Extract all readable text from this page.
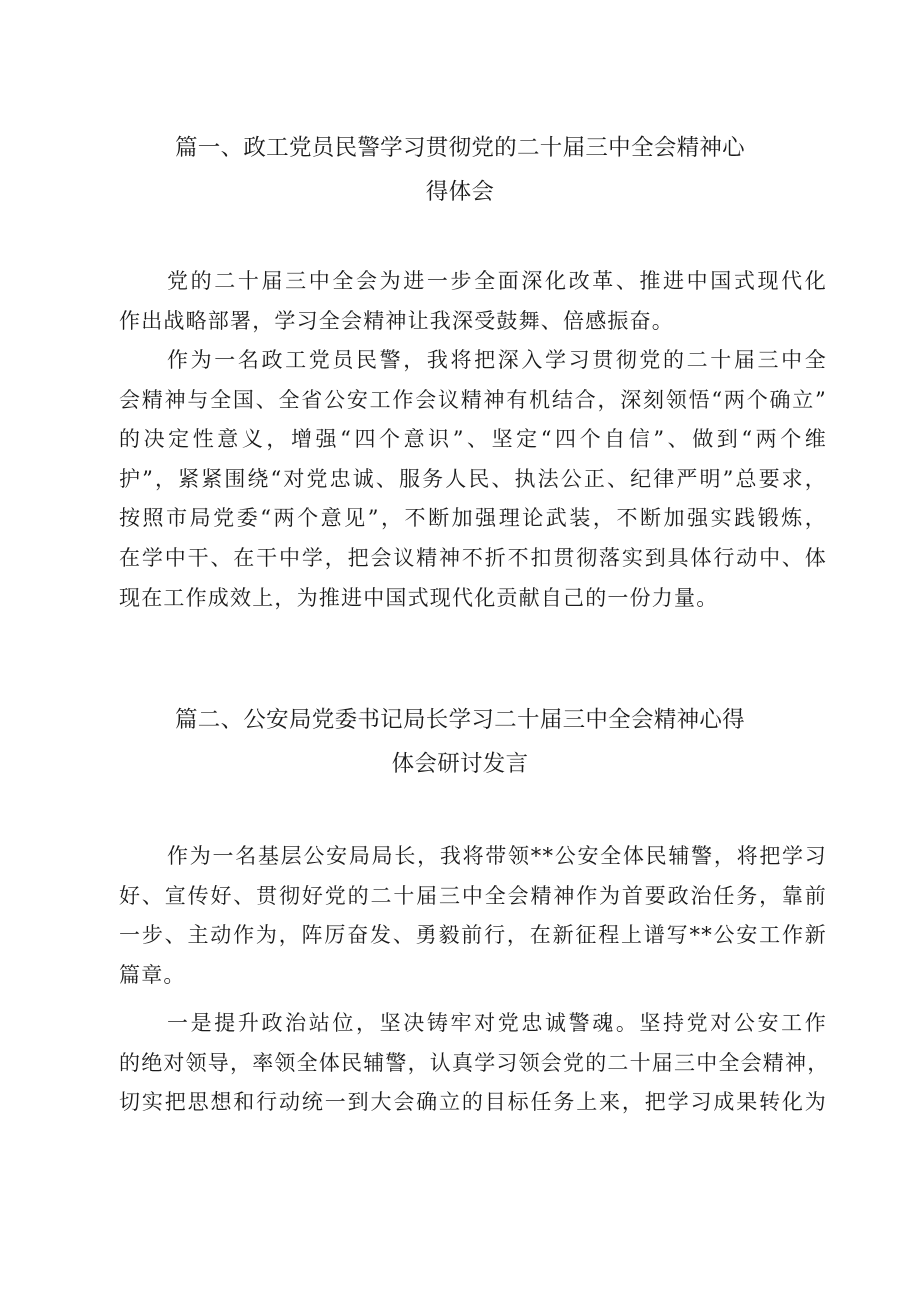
篇一、政工党员民警学习贯彻党的二十届三中全会精神心
得体会
党的二十届三中全会为进一步全面深化改革、推进中国式现代化
作出战略部署，学习全会精神让我深受鼓舞、倍感振奋。
作为一名政工党员民警，我将把深入学习贯彻党的二十届三中全
会精神与全国、全省公安工作会议精神有机结合，深刻领悟“两个确立”
的决定性意义，增强“四个意识”、坚定“四个自信”、做到“两个维
护”，紧紧围绕“对党忠诚、服务人民、执法公正、纪律严明”总要求，
按照市局党委“两个意见”，不断加强理论武装，不断加强实践锻炼，
在学中干、在干中学，把会议精神不折不扣贯彻落实到具体行动中、体
现在工作成效上，为推进中国式现代化贡献自己的一份力量。
篇二、公安局党委书记局长学习二十届三中全会精神心得
体会研讨发言
作为一名基层公安局局长，我将带领**公安全体民辅警，将把学习
好、宣传好、贯彻好党的二十届三中全会精神作为首要政治任务，靠前
一步、主动作为，阵厉奋发、勇毅前行，在新征程上谱写**公安工作新
篇章。
一是提升政治站位，坚决铸牢对党忠诚警魂。坚持党对公安工作
的绝对领导，率领全体民辅警，认真学习领会党的二十届三中全会精神，
切实把思想和行动统一到大会确立的目标任务上来，把学习成果转化为
